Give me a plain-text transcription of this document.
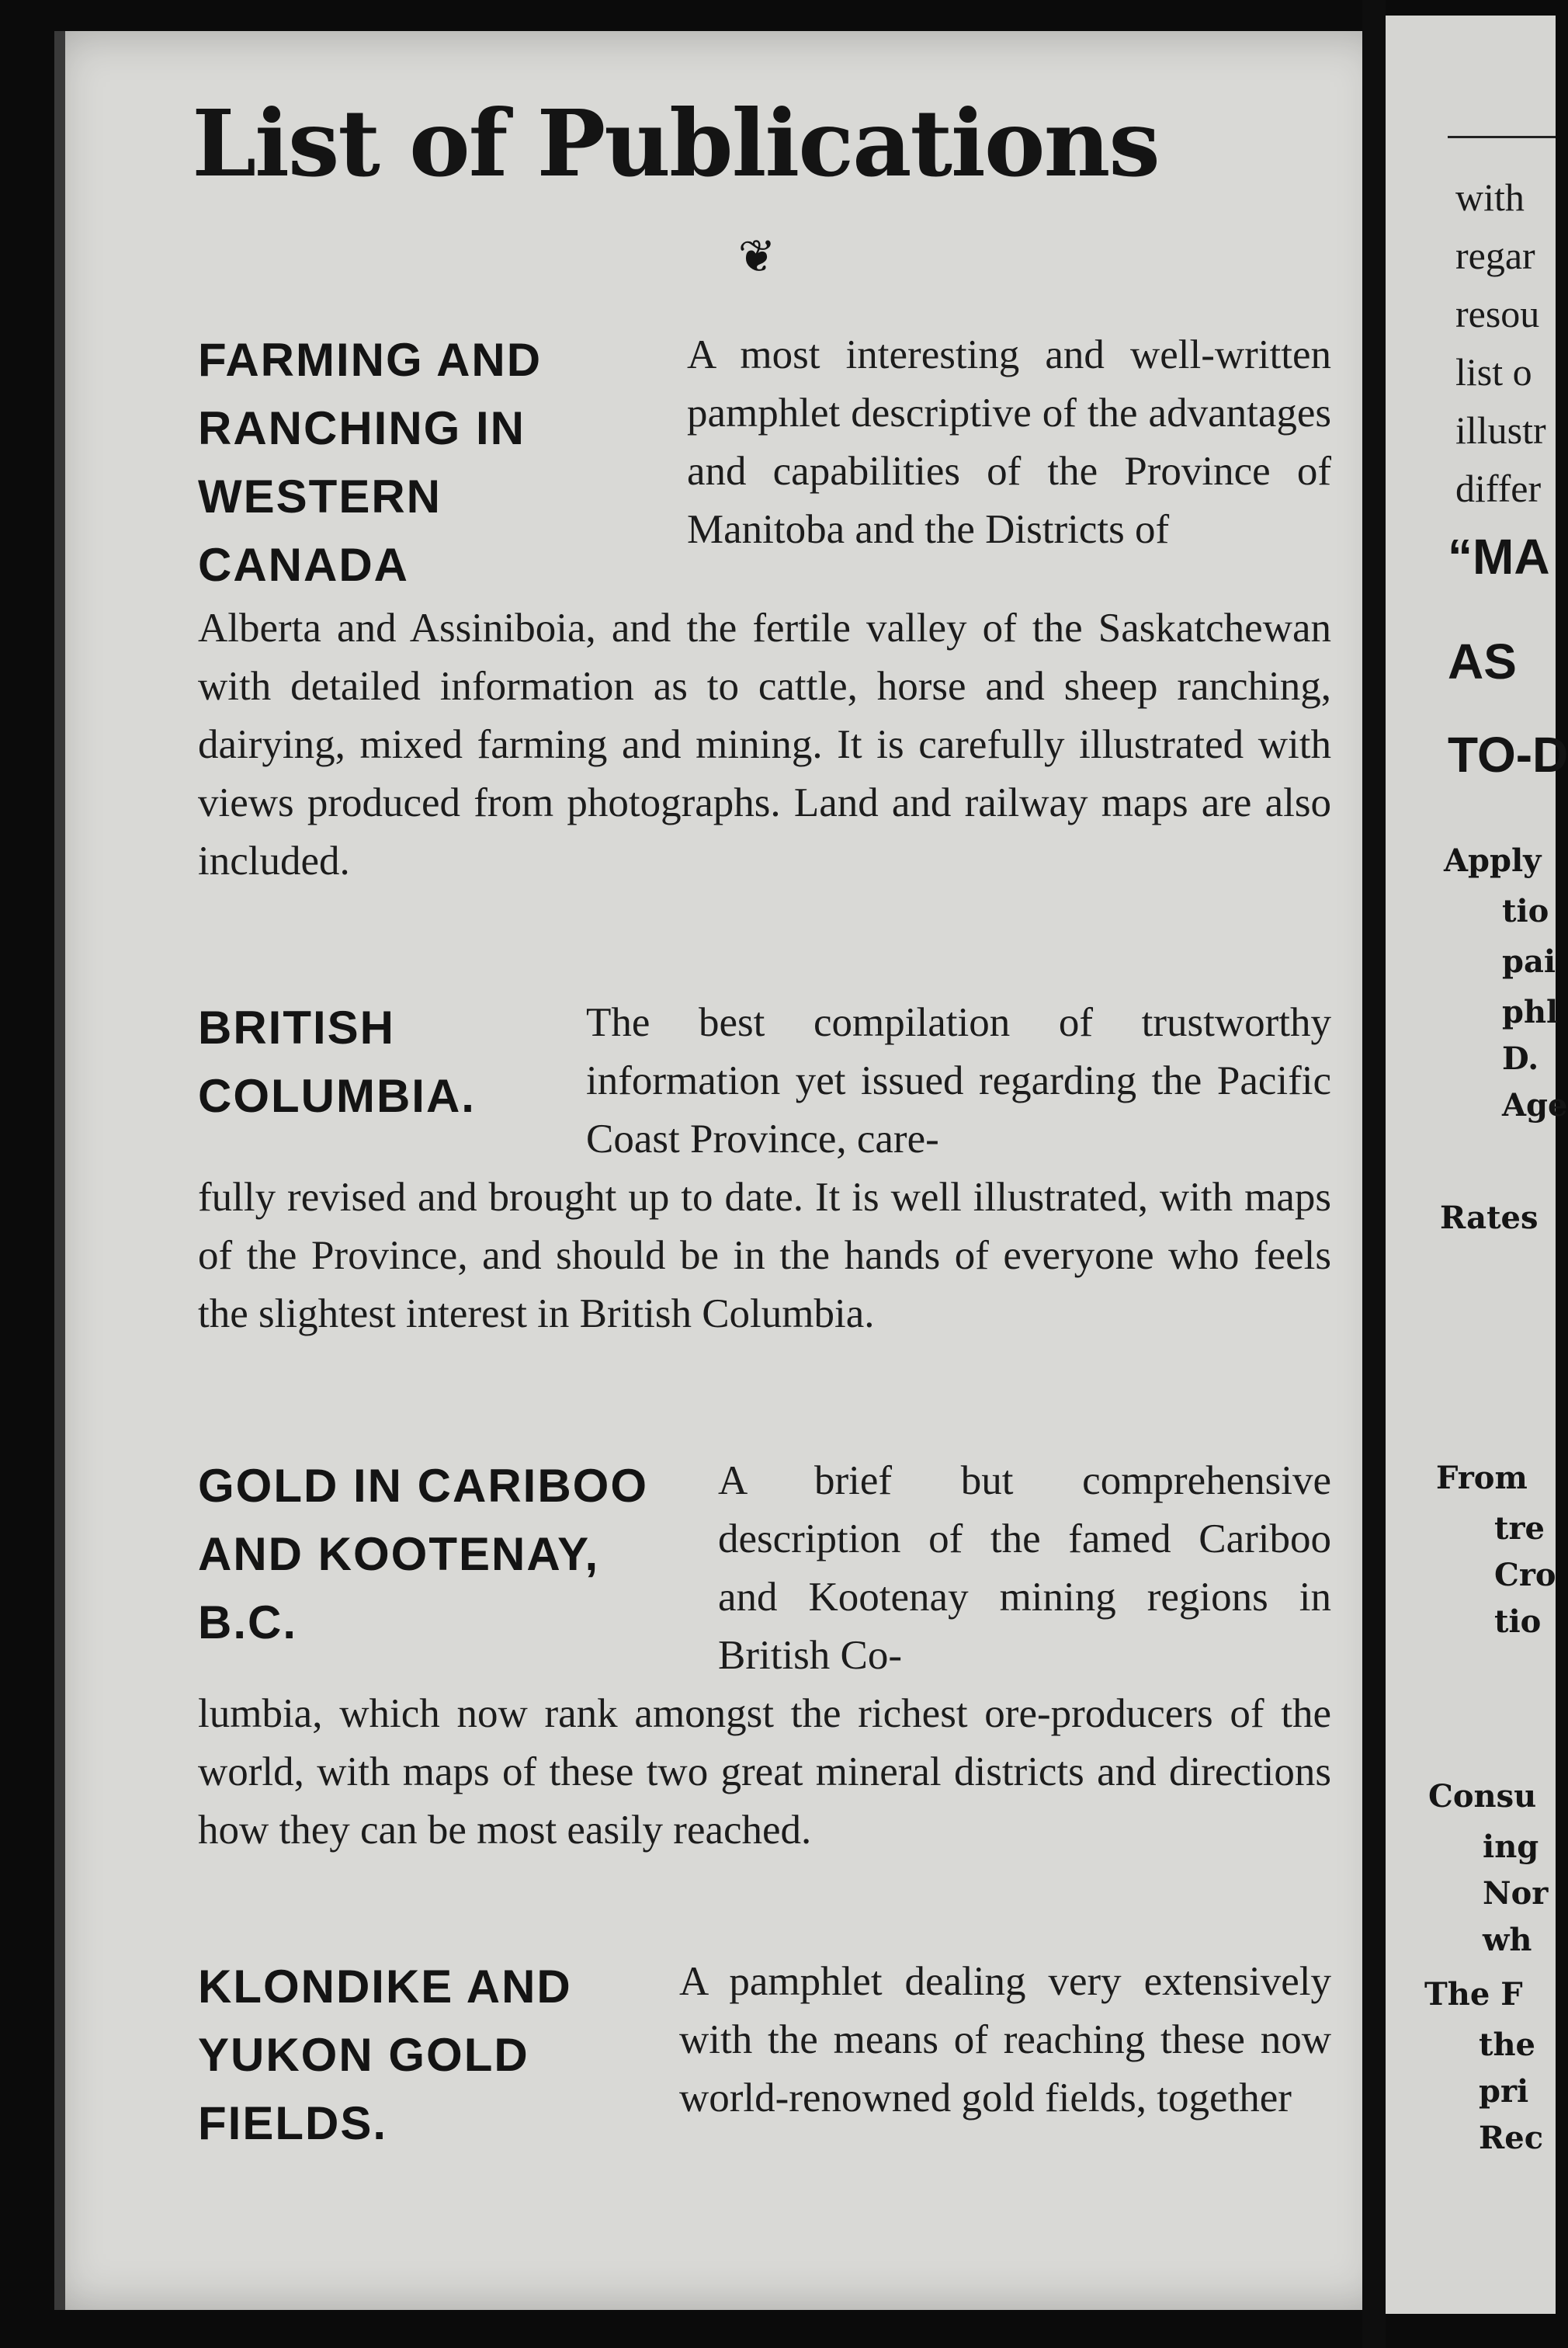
List of Publications
❦
FARMING AND RANCHING IN WESTERN CANADA
A most interesting and well-written pamphlet descriptive of the advantages and capabilities of the Province of Manitoba and the Districts of
Alberta and Assiniboia, and the fertile valley of the Saskatchewan with detailed information as to cattle, horse and sheep ranching, dairying, mixed farming and mining. It is carefully illustrated with views produced from photographs. Land and railway maps are also included.
BRITISH COLUMBIA.
The best compilation of trustworthy information yet issued regarding the Pacific Coast Province, care-
fully revised and brought up to date. It is well illustrated, with maps of the Province, and should be in the hands of everyone who feels the slightest interest in British Columbia.
GOLD IN CARIBOO AND KOOTENAY, B.C.
A brief but comprehensive description of the famed Cariboo and Kootenay mining regions in British Co-
lumbia, which now rank amongst the richest ore-producers of the world, with maps of these two great mineral districts and directions how they can be most easily reached.
KLONDIKE AND YUKON GOLD FIELDS.
A pamphlet dealing very extensively with the means of reaching these now world-renowned gold fields, together
with
regar
resou
list o
illustr
differ
“MA
AS
TO-D
Apply
tio
pai
phl
D.
Age
Rates
From
tre
Cro
tio
Consu
ing
Nor
wh
The F
the
pri
Rec
